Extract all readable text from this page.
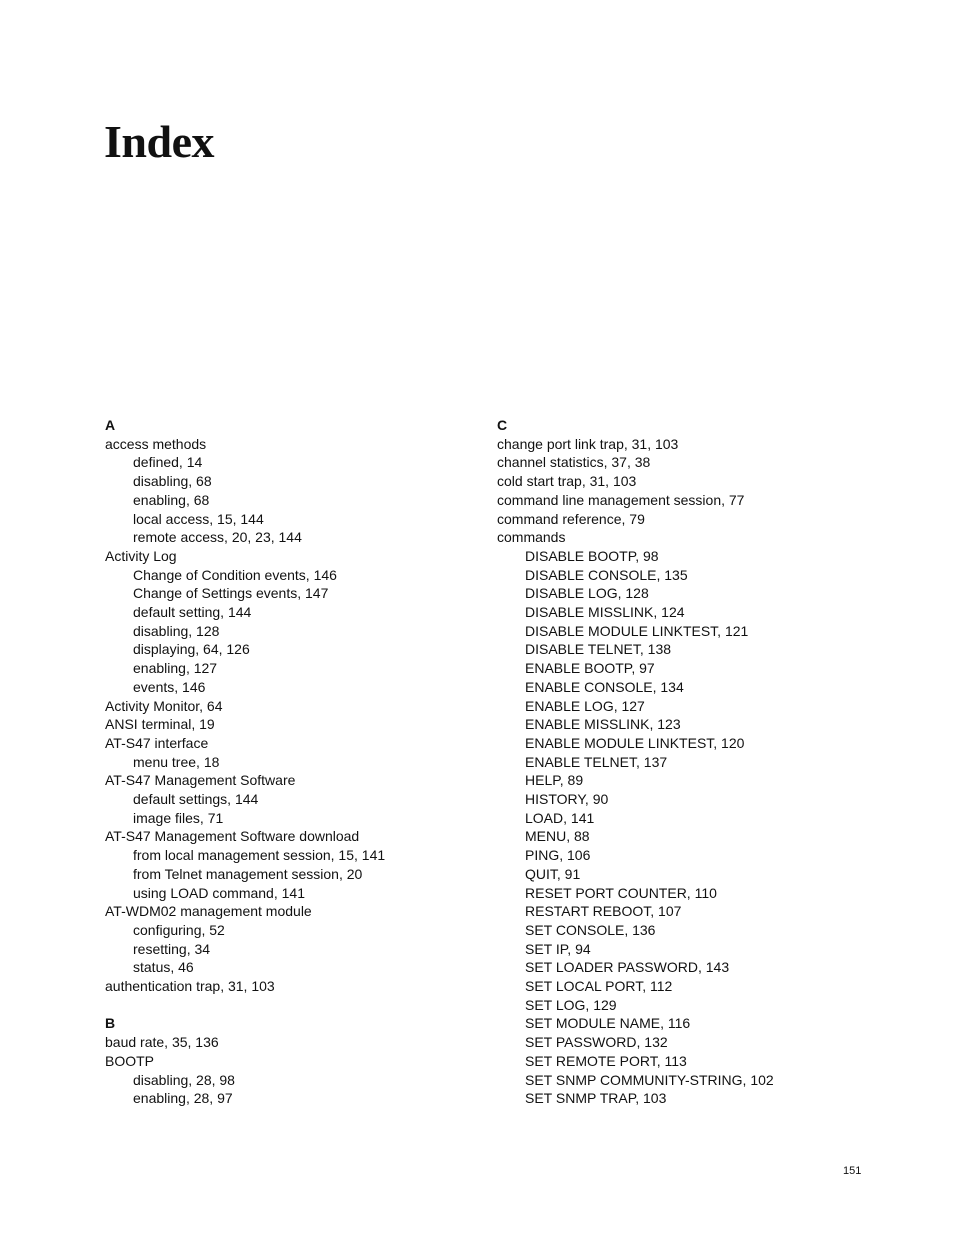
Index
A
access methods
defined, 14
disabling, 68
enabling, 68
local access, 15, 144
remote access, 20, 23, 144
Activity Log
Change of Condition events, 146
Change of Settings events, 147
default setting, 144
disabling, 128
displaying, 64, 126
enabling, 127
events, 146
Activity Monitor, 64
ANSI terminal, 19
AT-S47 interface
menu tree, 18
AT-S47 Management Software
default settings, 144
image files, 71
AT-S47 Management Software download
from local management session, 15, 141
from Telnet management session, 20
using LOAD command, 141
AT-WDM02 management module
configuring, 52
resetting, 34
status, 46
authentication trap, 31, 103
B
baud rate, 35, 136
BOOTP
disabling, 28, 98
enabling, 28, 97
C
change port link trap, 31, 103
channel statistics, 37, 38
cold start trap, 31, 103
command line management session, 77
command reference, 79
commands
DISABLE BOOTP, 98
DISABLE CONSOLE, 135
DISABLE LOG, 128
DISABLE MISSLINK, 124
DISABLE MODULE LINKTEST, 121
DISABLE TELNET, 138
ENABLE BOOTP, 97
ENABLE CONSOLE, 134
ENABLE LOG, 127
ENABLE MISSLINK, 123
ENABLE MODULE LINKTEST, 120
ENABLE TELNET, 137
HELP, 89
HISTORY, 90
LOAD, 141
MENU, 88
PING, 106
QUIT, 91
RESET PORT COUNTER, 110
RESTART REBOOT, 107
SET CONSOLE, 136
SET IP, 94
SET LOADER PASSWORD, 143
SET LOCAL PORT, 112
SET LOG, 129
SET MODULE NAME, 116
SET PASSWORD, 132
SET REMOTE PORT, 113
SET SNMP COMMUNITY-STRING, 102
SET SNMP TRAP, 103
151
